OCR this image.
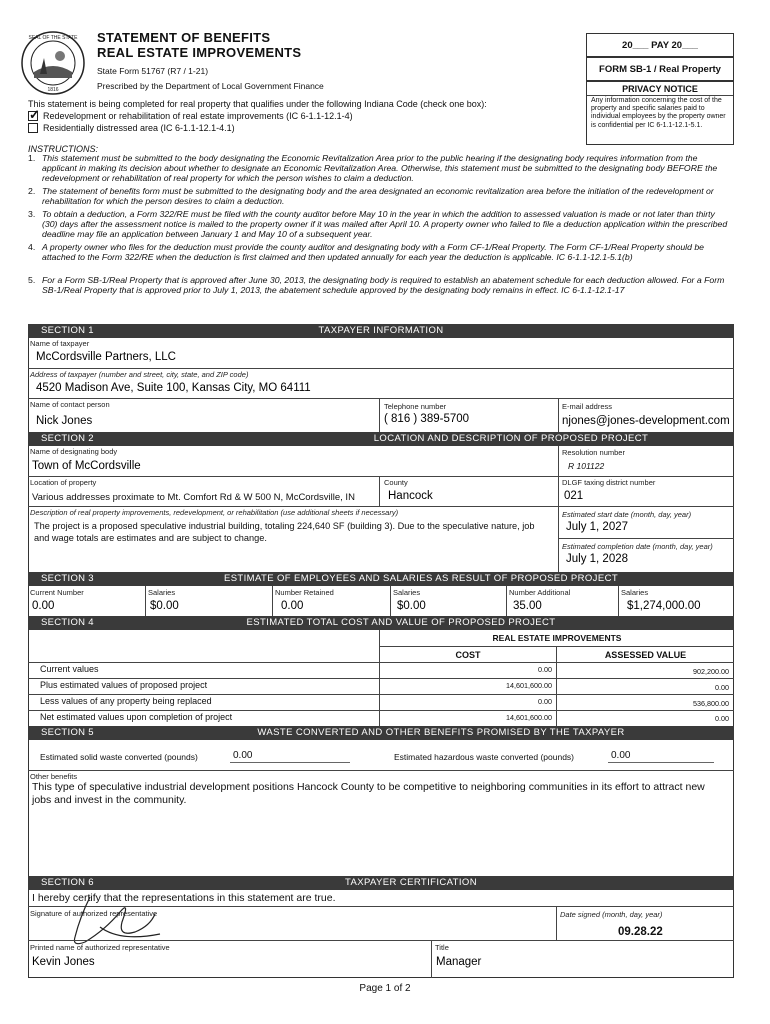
SEAL OF THE STATE
1816
STATEMENT OF BENEFITS
REAL ESTATE IMPROVEMENTS
State Form 51767 (R7 / 1-21)
Prescribed by the Department of Local Government Finance
20___ PAY 20___
FORM SB-1 / Real Property
PRIVACY NOTICE
Any information concerning the cost of the property and specific salaries paid to individual employees by the property owner is confidential per IC 6-1.1-12.1-5.1.
This statement is being completed for real property that qualifies under the following Indiana Code (check one box):
✓ Redevelopment or rehabilitation of real estate improvements (IC 6-1.1-12.1-4)
Residentially distressed area (IC 6-1.1-12.1-4.1)
INSTRUCTIONS:
1. This statement must be submitted to the body designating the Economic Revitalization Area prior to the public hearing if the designating body requires information from the applicant in making its decision about whether to designate an Economic Revitalization Area. Otherwise, this statement must be submitted to the designating body BEFORE the redevelopment or rehabilitation of real property for which the person wishes to claim a deduction.
2. The statement of benefits form must be submitted to the designating body and the area designated an economic revitalization area before the initiation of the redevelopment or rehabilitation for which the person desires to claim a deduction.
3. To obtain a deduction, a Form 322/RE must be filed with the county auditor before May 10 in the year in which the addition to assessed valuation is made or not later than thirty (30) days after the assessment notice is mailed to the property owner if it was mailed after April 10. A property owner who failed to file a deduction application within the prescribed deadline may file an application between January 1 and May 10 of a subsequent year.
4. A property owner who files for the deduction must provide the county auditor and designating body with a Form CF-1/Real Property. The Form CF-1/Real Property should be attached to the Form 322/RE when the deduction is first claimed and then updated annually for each year the deduction is applicable. IC 6-1.1-12.1-5.1(b)
5. For a Form SB-1/Real Property that is approved after June 30, 2013, the designating body is required to establish an abatement schedule for each deduction allowed. For a Form SB-1/Real Property that is approved prior to July 1, 2013, the abatement schedule approved by the designating body remains in effect. IC 6-1.1-12.1-17
TAXPAYER INFORMATION
SECTION 1
Name of taxpayer
McCordsville Partners, LLC
Address of taxpayer (number and street, city, state, and ZIP code)
4520 Madison Ave, Suite 100, Kansas City, MO 64111
Name of contact person
Nick Jones
Telephone number
( 816 ) 389-5700
E-mail address
njones@jones-development.com
LOCATION AND DESCRIPTION OF PROPOSED PROJECT
SECTION 2
Name of designating body
Town of McCordsville
Resolution number
R 101122
Location of property
Various addresses proximate to Mt. Comfort Rd & W 500 N, McCordsville, IN
County
Hancock
DLGF taxing district number
021
Description of real property improvements, redevelopment, or rehabilitation (use additional sheets if necessary)
The project is a proposed speculative industrial building, totaling 224,640 SF (building 3). Due to the speculative nature, job and wage totals are estimates and are subject to change.
Estimated start date (month, day, year)
July 1, 2027
Estimated completion date (month, day, year)
July 1, 2028
ESTIMATE OF EMPLOYEES AND SALARIES AS RESULT OF PROPOSED PROJECT
SECTION 3
Current Number
0.00
Salaries
$0.00
Number Retained
0.00
Salaries
$0.00
Number Additional
35.00
Salaries
$1,274,000.00
ESTIMATED TOTAL COST AND VALUE OF PROPOSED PROJECT
SECTION 4
REAL ESTATE IMPROVEMENTS
COST	ASSESSED VALUE
Current values	0.00	902,200.00
Plus estimated values of proposed project	14,601,600.00	0.00
Less values of any property being replaced	0.00	536,800.00
Net estimated values upon completion of project	14,601,600.00	0.00
WASTE CONVERTED AND OTHER BENEFITS PROMISED BY THE TAXPAYER
SECTION 5
Estimated solid waste converted (pounds)	0.00	Estimated hazardous waste converted (pounds)	0.00
Other benefits
This type of speculative industrial development positions Hancock County to be competitive to neighboring communities in its effort to attract new jobs and invest in the community.
TAXPAYER CERTIFICATION
SECTION 6
I hereby certify that the representations in this statement are true.
Signature of authorized representative	Date signed (month, day, year)
09.28.22
Printed name of authorized representative
Kevin Jones
Title
Manager
Page 1 of 2
